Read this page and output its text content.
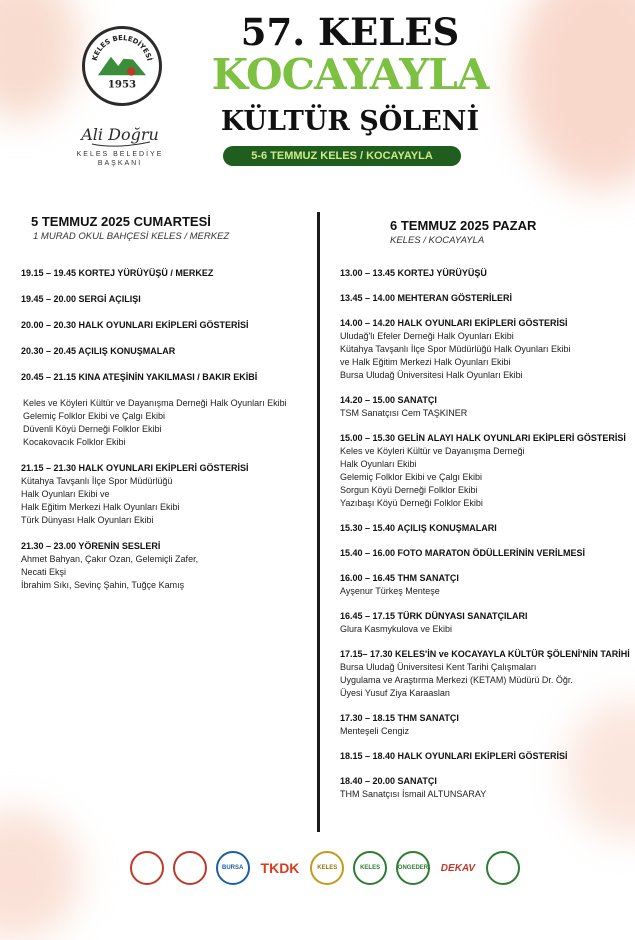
KELES BELEDİYESİ
1953
Ali Doğru
KELES BELEDİYE
BAŞKANI
57. KELES
KOCAYAYLA
KÜLTÜR ŞÖLENİ
5-6 TEMMUZ KELES / KOCAYAYLA
5 TEMMUZ 2025 CUMARTESİ
1 MURAD OKUL BAHÇESİ KELES / MERKEZ
19.15 – 19.45 KORTEJ YÜRÜYÜŞÜ / MERKEZ
19.45 – 20.00 SERGİ AÇILIŞI
20.00 – 20.30 HALK OYUNLARI EKİPLERİ GÖSTERİSİ
20.30 – 20.45 AÇILIŞ KONUŞMALAR
20.45 – 21.15 KINA ATEŞİNİN YAKILMASI / BAKIR EKİBİ
Keles ve Köyleri Kültür ve Dayanışma Derneği Halk Oyunları Ekibi
Gelemiç Folklor Ekibi ve Çalgı Ekibi
Düvenli Köyü Derneği Folklor Ekibi
Kocakovacık Folklor Ekibi
21.15 – 21.30 HALK OYUNLARI EKİPLERİ GÖSTERİSİ
Kütahya Tavşanlı İlçe Spor Müdürlüğü
Halk Oyunları Ekibi ve
Halk Eğitim Merkezi Halk Oyunları Ekibi
Türk Dünyası Halk Oyunları Ekibi
21.30 – 23.00 YÖRENİN SESLERİ
Ahmet Bahyan, Çakır Ozan, Gelemiçli Zafer,
Necati Ekşi
İbrahim Sıkı, Sevinç Şahin, Tuğçe Kamış
6 TEMMUZ 2025 PAZAR
KELES / KOCAYAYLA
13.00 – 13.45 KORTEJ YÜRÜYÜŞÜ
13.45 – 14.00 MEHTERAN GÖSTERİLERİ
14.00 – 14.20 HALK OYUNLARI EKİPLERİ GÖSTERİSİ
Uludağ'lı Efeler Derneği Halk Oyunları Ekibi
Kütahya Tavşanlı İlçe Spor Müdürlüğü Halk Oyunları Ekibi
ve Halk Eğitim Merkezi Halk Oyunları Ekibi
Bursa Uludağ Üniversitesi Halk Oyunları Ekibi
14.20 – 15.00 SANATÇI
TSM Sanatçısı Cem TAŞKINER
15.00 – 15.30 GELİN ALAYI HALK OYUNLARI EKİPLERİ GÖSTERİSİ
Keles ve Köyleri Kültür ve Dayanışma Derneği
Halk Oyunları Ekibi
Gelemiç Folklor Ekibi ve Çalgı Ekibi
Sorgun Köyü Derneği Folklor Ekibi
Yazıbaşı Köyü Derneği Folklor Ekibi
15.30 – 15.40 AÇILIŞ KONUŞMALARI
15.40 – 16.00 FOTO MARATON ÖDÜLLERİNİN VERİLMESİ
16.00 – 16.45 THM SANATÇI
Ayşenur Türkeş Menteşe
16.45 – 17.15 TÜRK DÜNYASI SANATÇILARI
Glura Kasmykulova ve Ekibi
17.15– 17.30 KELES'İN ve KOCAYAYLA KÜLTÜR ŞÖLENİ'NİN TARİHİ
Bursa Uludağ Üniversitesi Kent Tarihi Çalışmaları
Uygulama ve Araştırma Merkezi (KETAM) Müdürü Dr. Öğr.
Üyesi Yusuf Ziya Karaaslan
17.30 – 18.15 THM SANATÇI
Menteşeli Cengiz
18.15 – 18.40 HALK OYUNLARI EKİPLERİ GÖSTERİSİ
18.40 – 20.00 SANATÇI
THM Sanatçısı İsmail ALTUNSARAY
BURSA	TKDK	KELES	KELES	ONGEDER DEKAV
